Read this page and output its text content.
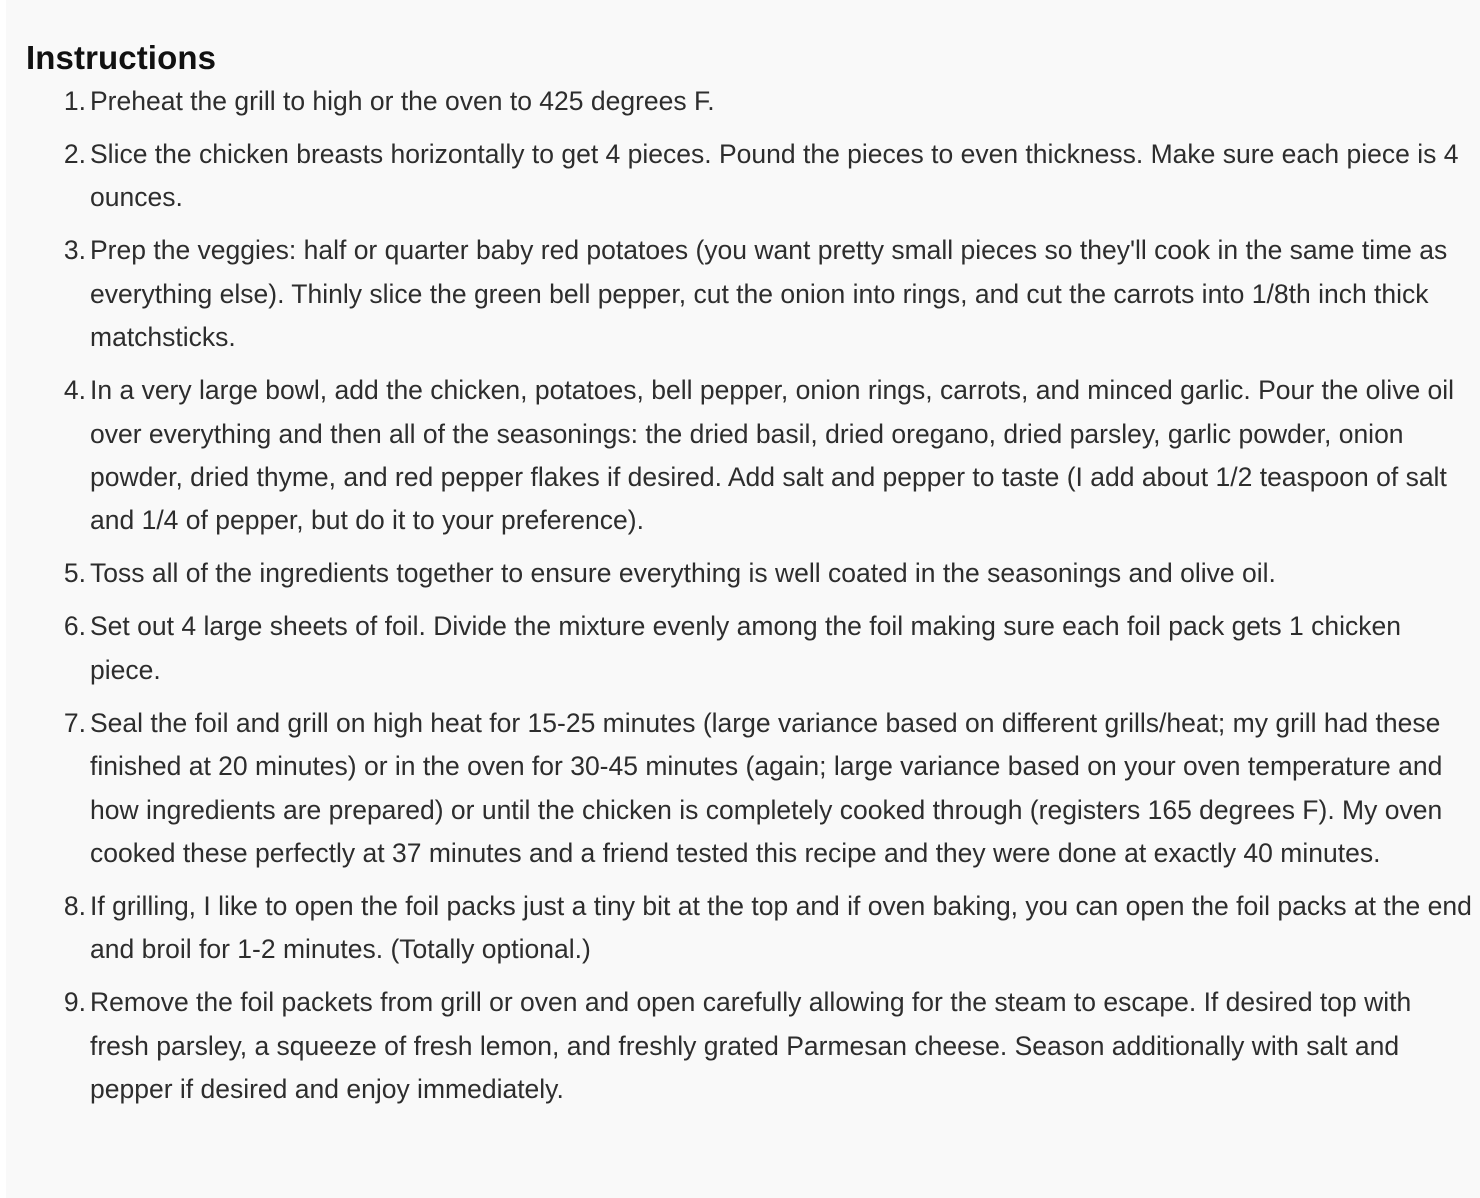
Instructions
1. Preheat the grill to high or the oven to 425 degrees F.
2. Slice the chicken breasts horizontally to get 4 pieces. Pound the pieces to even thickness. Make sure each piece is 4 ounces.
3. Prep the veggies: half or quarter baby red potatoes (you want pretty small pieces so they'll cook in the same time as everything else). Thinly slice the green bell pepper, cut the onion into rings, and cut the carrots into 1/8th inch thick matchsticks.
4. In a very large bowl, add the chicken, potatoes, bell pepper, onion rings, carrots, and minced garlic. Pour the olive oil over everything and then all of the seasonings: the dried basil, dried oregano, dried parsley, garlic powder, onion powder, dried thyme, and red pepper flakes if desired. Add salt and pepper to taste (I add about 1/2 teaspoon of salt and 1/4 of pepper, but do it to your preference).
5. Toss all of the ingredients together to ensure everything is well coated in the seasonings and olive oil.
6. Set out 4 large sheets of foil. Divide the mixture evenly among the foil making sure each foil pack gets 1 chicken piece.
7. Seal the foil and grill on high heat for 15-25 minutes (large variance based on different grills/heat; my grill had these finished at 20 minutes) or in the oven for 30-45 minutes (again; large variance based on your oven temperature and how ingredients are prepared) or until the chicken is completely cooked through (registers 165 degrees F). My oven cooked these perfectly at 37 minutes and a friend tested this recipe and they were done at exactly 40 minutes.
8. If grilling, I like to open the foil packs just a tiny bit at the top and if oven baking, you can open the foil packs at the end and broil for 1-2 minutes. (Totally optional.)
9. Remove the foil packets from grill or oven and open carefully allowing for the steam to escape. If desired top with fresh parsley, a squeeze of fresh lemon, and freshly grated Parmesan cheese. Season additionally with salt and pepper if desired and enjoy immediately.
